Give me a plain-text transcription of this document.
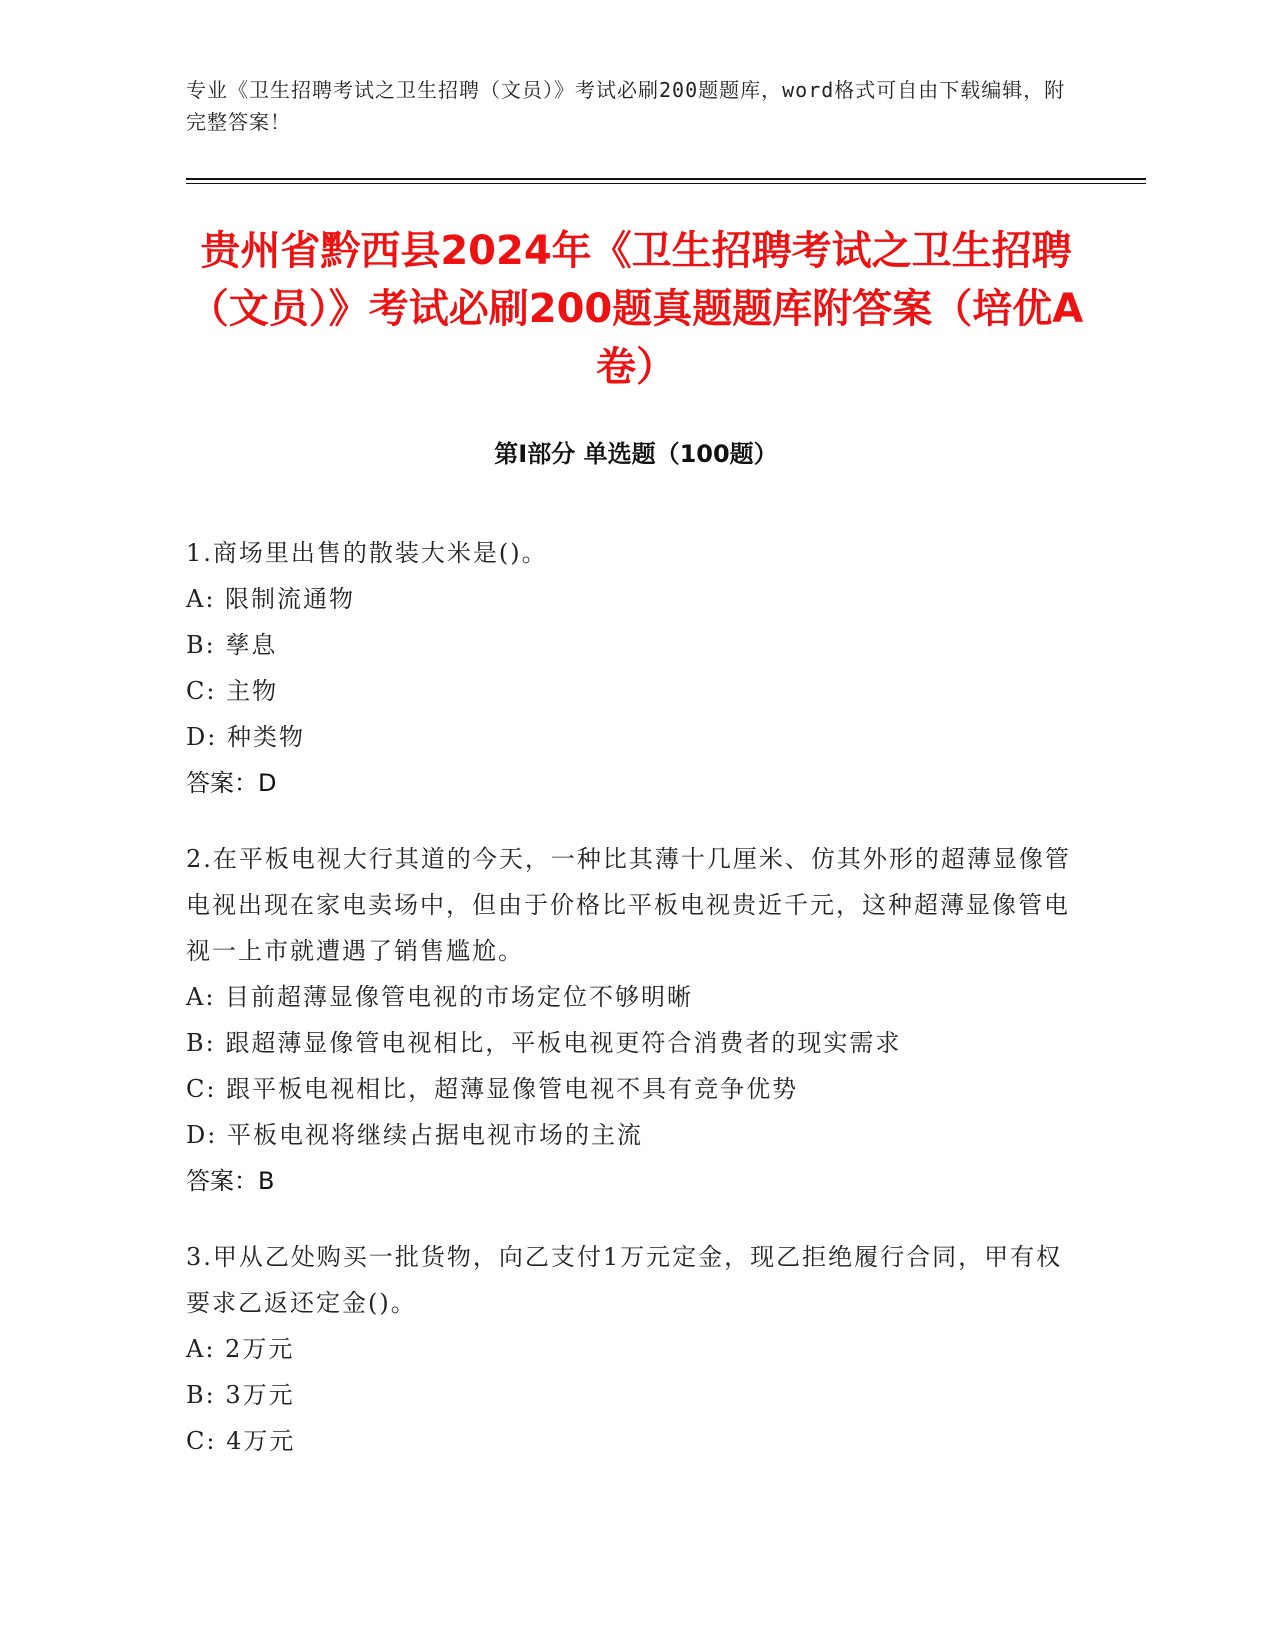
专业《卫生招聘考试之卫生招聘（文员）》考试必刷200题题库，word格式可自由下载编辑，附完整答案！
贵州省黔西县2024年《卫生招聘考试之卫生招聘（文员）》考试必刷200题真题题库附答案（培优A卷）
第Ⅰ部分 单选题（100题）
1.商场里出售的散装大米是()。
A: 限制流通物
B: 孳息
C: 主物
D: 种类物
答案：D
2.在平板电视大行其道的今天，一种比其薄十几厘米、仿其外形的超薄显像管电视出现在家电卖场中，但由于价格比平板电视贵近千元，这种超薄显像管电视一上市就遭遇了销售尴尬。
A: 目前超薄显像管电视的市场定位不够明晰
B: 跟超薄显像管电视相比，平板电视更符合消费者的现实需求
C: 跟平板电视相比，超薄显像管电视不具有竞争优势
D: 平板电视将继续占据电视市场的主流
答案：B
3.甲从乙处购买一批货物，向乙支付1万元定金，现乙拒绝履行合同，甲有权要求乙返还定金()。
A: 2万元
B: 3万元
C: 4万元
